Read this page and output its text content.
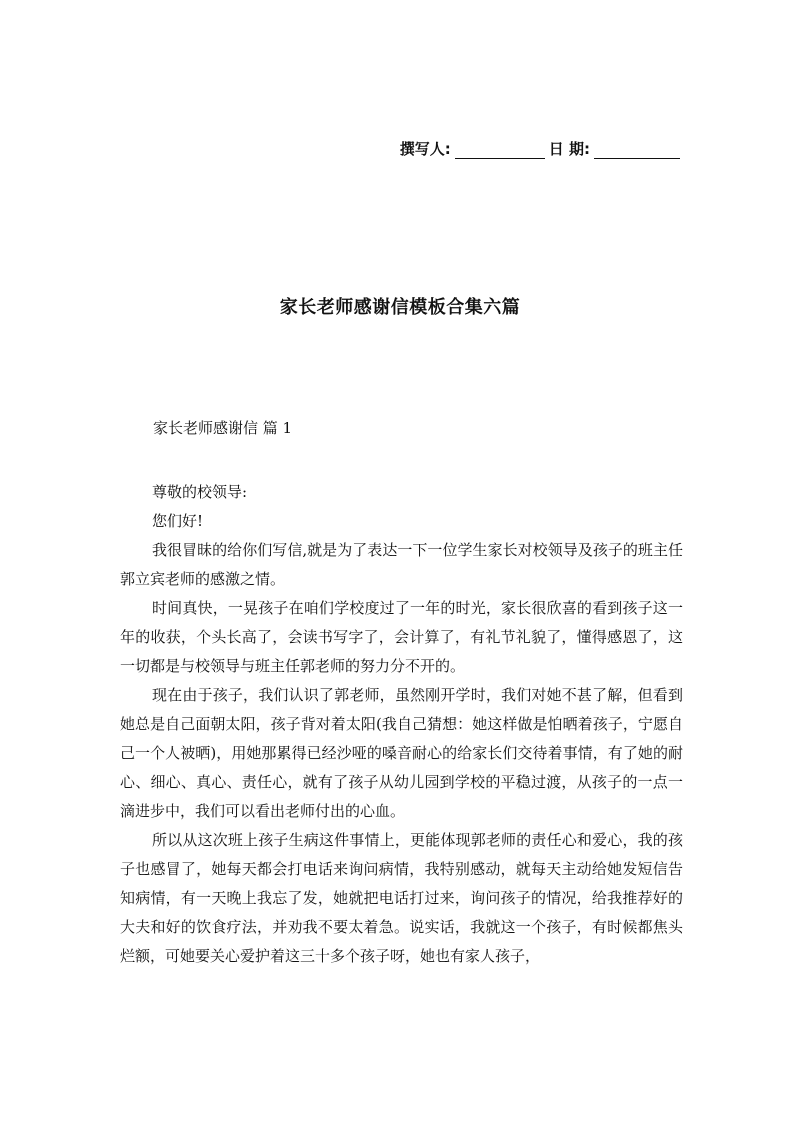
撰写人:	日 期:
家长老师感谢信模板合集六篇
家长老师感谢信 篇 1

尊敬的校领导:

您们好!

我很冒昧的给你们写信,就是为了表达一下一位学生家长对校领导及孩子的班主任郭立宾老师的感激之情。

时间真快，一晃孩子在咱们学校度过了一年的时光，家长很欣喜的看到孩子这一年的收获，个头长高了，会读书写字了，会计算了，有礼节礼貌了，懂得感恩了，这一切都是与校领导与班主任郭老师的努力分不开的。

现在由于孩子，我们认识了郭老师，虽然刚开学时，我们对她不甚了解，但看到她总是自己面朝太阳，孩子背对着太阳(我自己猜想：她这样做是怕晒着孩子，宁愿自己一个人被晒)，用她那累得已经沙哑的嗓音耐心的给家长们交待着事情，有了她的耐心、细心、真心、责任心，就有了孩子从幼儿园到学校的平稳过渡，从孩子的一点一滴进步中，我们可以看出老师付出的心血。

所以从这次班上孩子生病这件事情上，更能体现郭老师的责任心和爱心，我的孩子也感冒了，她每天都会打电话来询问病情，我特别感动，就每天主动给她发短信告知病情，有一天晚上我忘了发，她就把电话打过来，询问孩子的情况，给我推荐好的大夫和好的饮食疗法，并劝我不要太着急。说实话，我就这一个孩子，有时候都焦头烂额，可她要关心爱护着这三十多个孩子呀，她也有家人孩子，
